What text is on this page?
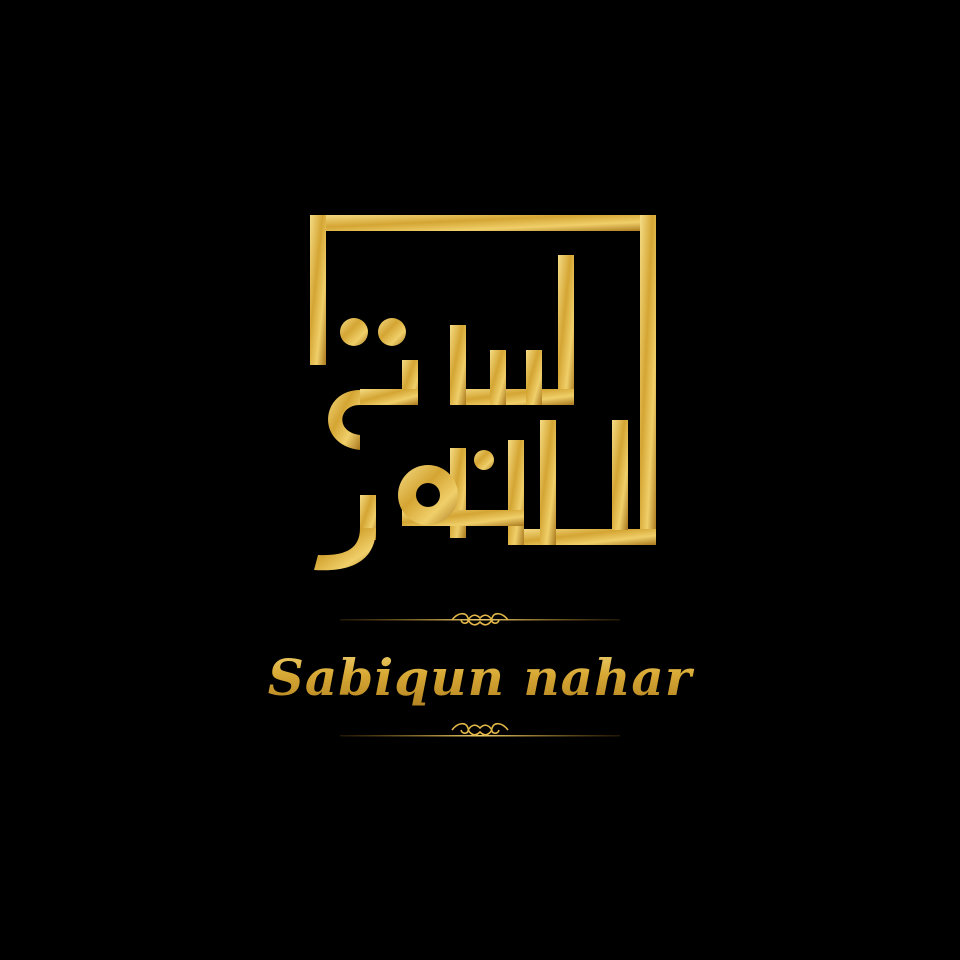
Sabiqun nahar
